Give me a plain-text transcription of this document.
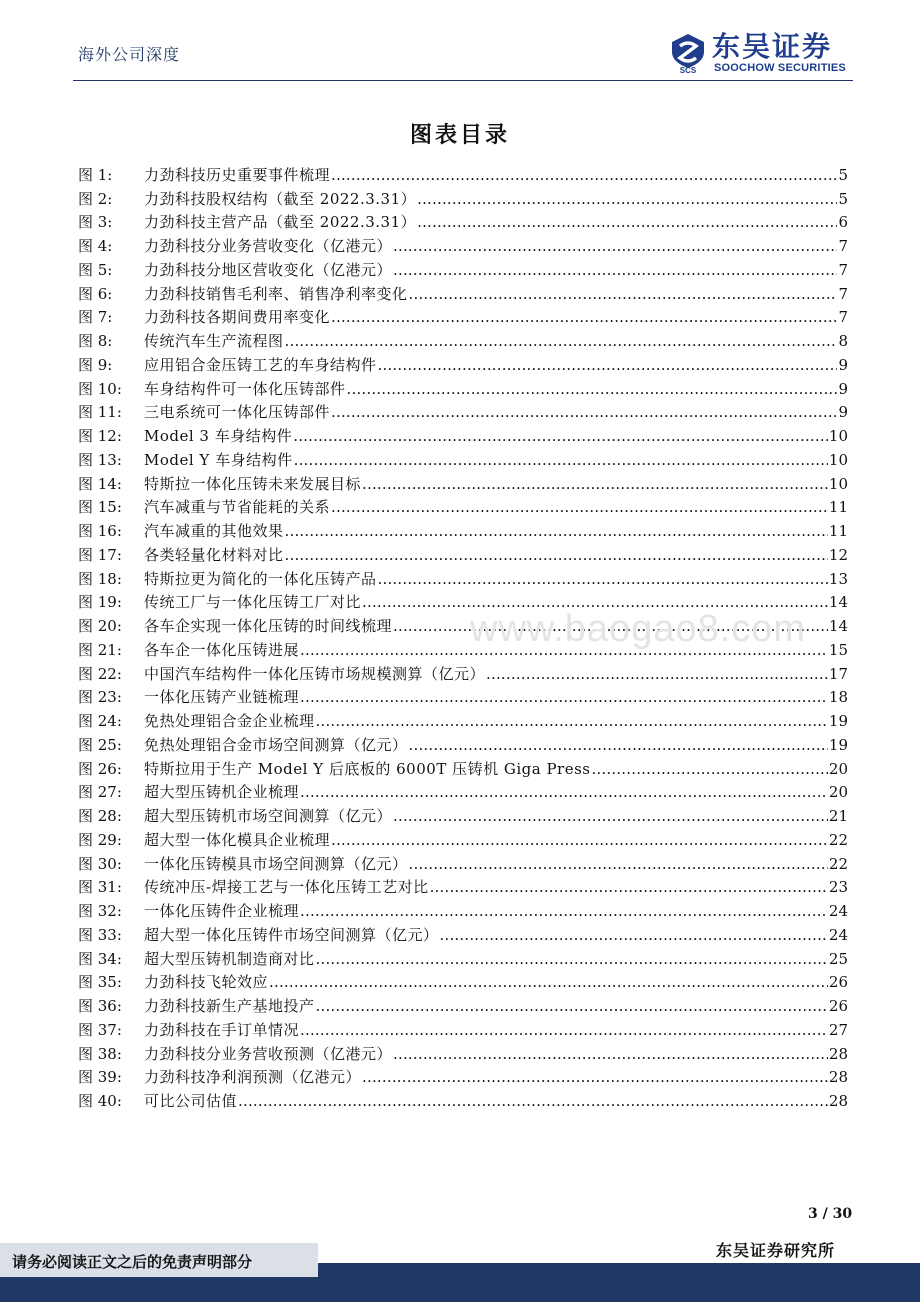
海外公司深度
SCS
东吴证券
SOOCHOW SECURITIES
图表目录
图 1:	力劲科技历史重要事件梳理 .....	5
图 2:	力劲科技股权结构（截至 2022.3.31） .....	5
图 3:	力劲科技主营产品（截至 2022.3.31） .....	6
图 4:	力劲科技分业务营收变化（亿港元） .....	7
图 5:	力劲科技分地区营收变化（亿港元） .....	7
图 6:	力劲科技销售毛利率、销售净利率变化 .....	7
图 7:	力劲科技各期间费用率变化 .....	7
图 8:	传统汽车生产流程图 .....	8
图 9:	应用铝合金压铸工艺的车身结构件 .....	9
图 10:	车身结构件可一体化压铸部件 .....	9
图 11:	三电系统可一体化压铸部件 .....	9
图 12:	Model 3 车身结构件 .....	10
图 13:	Model Y 车身结构件 .....	10
图 14:	特斯拉一体化压铸未来发展目标 .....	10
图 15:	汽车减重与节省能耗的关系 .....	11
图 16:	汽车减重的其他效果 .....	11
图 17:	各类轻量化材料对比 .....	12
图 18:	特斯拉更为简化的一体化压铸产品 .....	13
图 19:	传统工厂与一体化压铸工厂对比 .....	14
图 20:	各车企实现一体化压铸的时间线梳理 .....	14
图 21:	各车企一体化压铸进展 .....	15
图 22:	中国汽车结构件一体化压铸市场规模测算（亿元） .....	17
图 23:	一体化压铸产业链梳理 .....	18
图 24:	免热处理铝合金企业梳理 .....	19
图 25:	免热处理铝合金市场空间测算（亿元） .....	19
图 26:	特斯拉用于生产 Model Y 后底板的 6000T 压铸机 Giga Press .....	20
图 27:	超大型压铸机企业梳理 .....	20
图 28:	超大型压铸机市场空间测算（亿元） .....	21
图 29:	超大型一体化模具企业梳理 .....	22
图 30:	一体化压铸模具市场空间测算（亿元） .....	22
图 31:	传统冲压-焊接工艺与一体化压铸工艺对比 .....	23
图 32:	一体化压铸件企业梳理 .....	24
图 33:	超大型一体化压铸件市场空间测算（亿元） .....	24
图 34:	超大型压铸机制造商对比 .....	25
图 35:	力劲科技飞轮效应 .....	26
图 36:	力劲科技新生产基地投产 .....	26
图 37:	力劲科技在手订单情况 .....	27
图 38:	力劲科技分业务营收预测（亿港元） .....	28
图 39:	力劲科技净利润预测（亿港元） .....	28
图 40:	可比公司估值 .....	28
www.baogao8.com
3 / 30
请务必阅读正文之后的免责声明部分
东吴证券研究所
